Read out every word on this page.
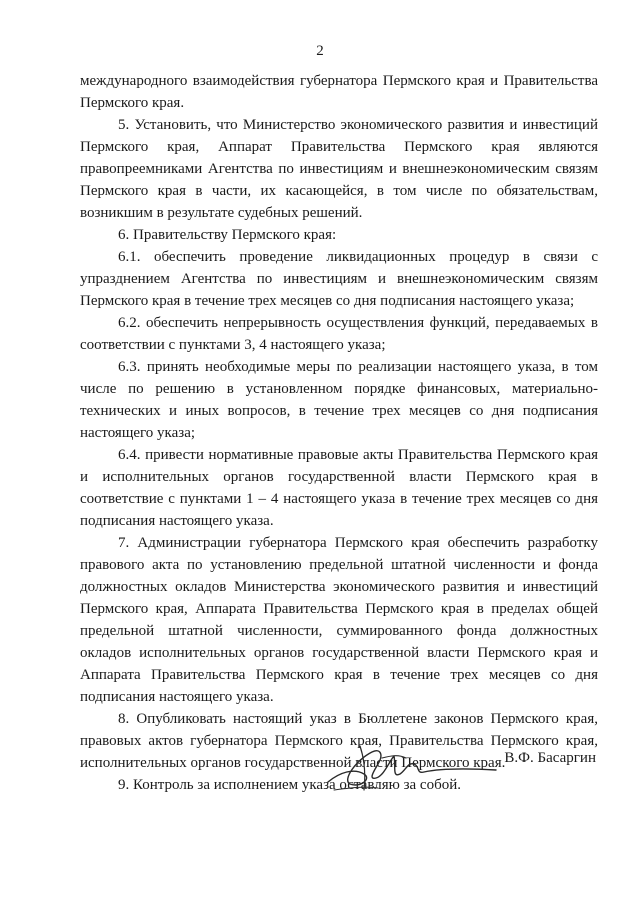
2

международного взаимодействия губернатора Пермского края и Правительства Пермского края.

5. Установить, что Министерство экономического развития и инвестиций Пермского края, Аппарат Правительства Пермского края являются правопреемниками Агентства по инвестициям и внешнеэкономическим связям Пермского края в части, их касающейся, в том числе по обязательствам, возникшим в результате судебных решений.

6. Правительству Пермского края:

6.1. обеспечить проведение ликвидационных процедур в связи с упразднением Агентства по инвестициям и внешнеэкономическим связям Пермского края в течение трех месяцев со дня подписания настоящего указа;

6.2. обеспечить непрерывность осуществления функций, передаваемых в соответствии с пунктами 3, 4 настоящего указа;

6.3. принять необходимые меры по реализации настоящего указа, в том числе по решению в установленном порядке финансовых, материально-технических и иных вопросов, в течение трех месяцев со дня подписания настоящего указа;

6.4. привести нормативные правовые акты Правительства Пермского края и исполнительных органов государственной власти Пермского края в соответствие с пунктами 1 – 4 настоящего указа в течение трех месяцев со дня подписания настоящего указа.

7. Администрации губернатора Пермского края обеспечить разработку правового акта по установлению предельной штатной численности и фонда должностных окладов Министерства экономического развития и инвестиций Пермского края, Аппарата Правительства Пермского края в пределах общей предельной штатной численности, суммированного фонда должностных окладов исполнительных органов государственной власти Пермского края и Аппарата Правительства Пермского края в течение трех месяцев со дня подписания настоящего указа.

8. Опубликовать настоящий указ в Бюллетене законов Пермского края, правовых актов губернатора Пермского края, Правительства Пермского края, исполнительных органов государственной власти Пермского края.

9. Контроль за исполнением указа оставляю за собой.

В.Ф. Басаргин
